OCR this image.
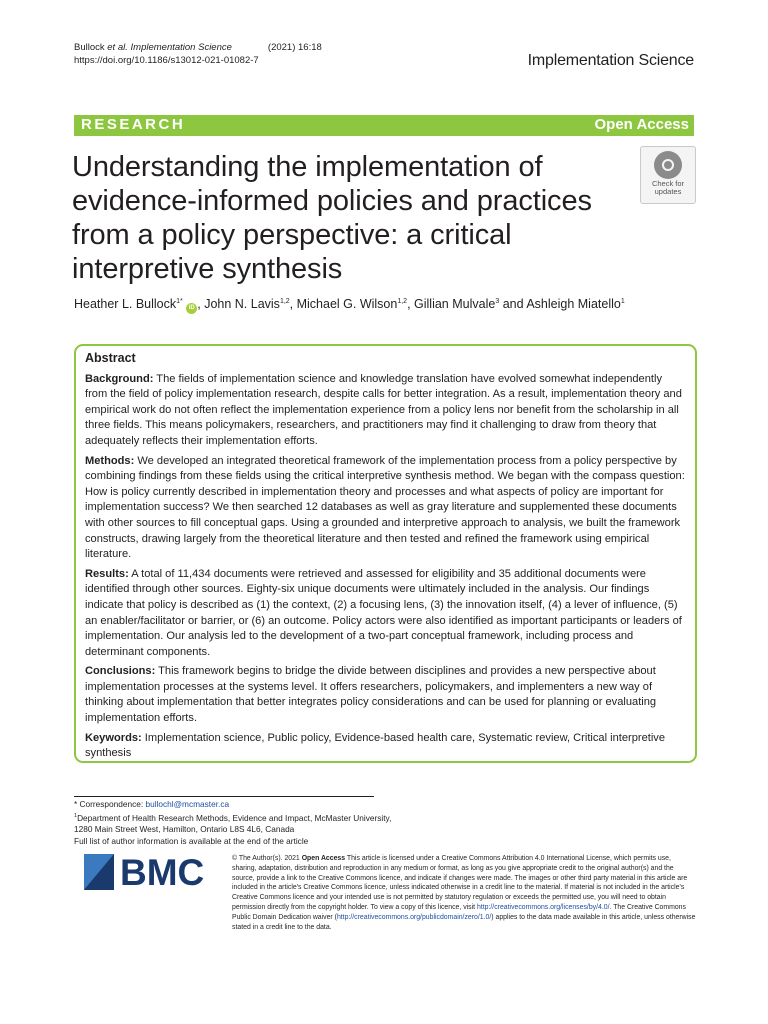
Bullock et al. Implementation Science	(2021) 16:18
https://doi.org/10.1186/s13012-021-01082-7	Implementation Science
RESEARCH	Open Access
Understanding the implementation of evidence-informed policies and practices from a policy perspective: a critical interpretive synthesis
Check for
updates
Heather L. Bullock$^{1*}$ iD , John N. Lavis$^{1,2}$, Michael G. Wilson$^{1,2}$, Gillian Mulvale$^3$ and Ashleigh Miatello$^1$
Abstract

Background: The fields of implementation science and knowledge translation have evolved somewhat independently from the field of policy implementation research, despite calls for better integration. As a result, implementation theory and empirical work do not often reflect the implementation experience from a policy lens nor benefit from the scholarship in all three fields. This means policymakers, researchers, and practitioners may find it challenging to draw from theory that adequately reflects their implementation efforts.

Methods: We developed an integrated theoretical framework of the implementation process from a policy perspective by combining findings from these fields using the critical interpretive synthesis method. We began with the compass question: How is policy currently described in implementation theory and processes and what aspects of policy are important for implementation success? We then searched 12 databases as well as gray literature and supplemented these documents with other sources to fill conceptual gaps. Using a grounded and interpretive approach to analysis, we built the framework constructs, drawing largely from the theoretical literature and then tested and refined the framework using empirical literature.

Results: A total of 11,434 documents were retrieved and assessed for eligibility and 35 additional documents were identified through other sources. Eighty-six unique documents were ultimately included in the analysis. Our findings indicate that policy is described as (1) the context, (2) a focusing lens, (3) the innovation itself, (4) a lever of influence, (5) an enabler/facilitator or barrier, or (6) an outcome. Policy actors were also identified as important participants or leaders of implementation. Our analysis led to the development of a two-part conceptual framework, including process and determinant components.

Conclusions: This framework begins to bridge the divide between disciplines and provides a new perspective about implementation processes at the systems level. It offers researchers, policymakers, and implementers a new way of thinking about implementation that better integrates policy considerations and can be used for planning or evaluating implementation efforts.

Keywords: Implementation science, Public policy, Evidence-based health care, Systematic review, Critical interpretive synthesis

* Correspondence: bullochl@mcmaster.ca
$^1$Department of Health Research Methods, Evidence and Impact, McMaster University, 1280 Main Street West, Hamilton, Ontario L8S 4L6, Canada
Full list of author information is available at the end of the article
BMC	© The Author(s). 2021 Open Access This article is licensed under a Creative Commons Attribution 4.0 International License, which permits use, sharing, adaptation, distribution and reproduction in any medium or format, as long as you give appropriate credit to the original author(s) and the source, provide a link to the Creative Commons licence, and indicate if changes were made. The images or other third party material in this article are included in the article's Creative Commons licence, unless indicated otherwise in a credit line to the material. If material is not included in the article's Creative Commons licence and your intended use is not permitted by statutory regulation or exceeds the permitted use, you will need to obtain permission directly from the copyright holder. To view a copy of this licence, visit http://creativecommons.org/licenses/by/4.0/. The Creative Commons Public Domain Dedication waiver (http://creativecommons.org/publicdomain/zero/1.0/) applies to the data made available in this article, unless otherwise stated in a credit line to the data.
